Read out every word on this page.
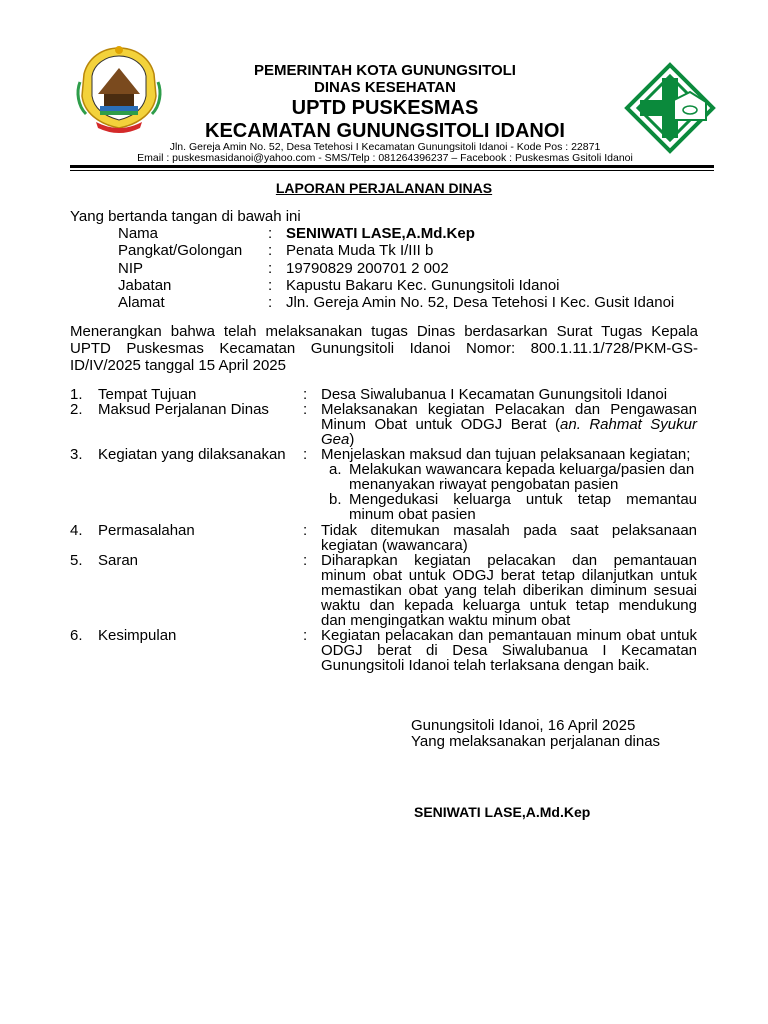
PEMERINTAH KOTA GUNUNGSITOLI
DINAS KESEHATAN
UPTD PUSKESMAS
KECAMATAN GUNUNGSITOLI IDANOI
Jln. Gereja Amin No. 52, Desa Tetehosi I Kecamatan Gunungsitoli Idanoi - Kode Pos : 22871
Email : puskesmasidanoi@yahoo.com - SMS/Telp : 081264396237 – Facebook : Puskesmas Gsitoli Idanoi
LAPORAN PERJALANAN DINAS
Yang bertanda tangan di bawah ini
Nama	: SENIWATI LASE,A.Md.Kep
Pangkat/Golongan : Penata Muda Tk I/III b
NIP	: 19790829 200701 2 002
Jabatan	: Kapustu Bakaru Kec. Gunungsitoli Idanoi
Alamat	: Jln. Gereja Amin No. 52, Desa Tetehosi I Kec. Gusit Idanoi
Menerangkan bahwa telah melaksanakan tugas Dinas berdasarkan Surat Tugas Kepala
UPTD Puskesmas Kecamatan Gunungsitoli Idanoi Nomor: 800.1.11.1/728/PKM-GS-
ID/IV/2025 tanggal 15 April 2025
1. Tempat Tujuan	: Desa Siwalubanua I Kecamatan Gunungsitoli Idanoi
2. Maksud Perjalanan Dinas : Melaksanakan kegiatan Pelacakan dan Pengawasan
Minum Obat untuk ODGJ Berat (an. Rahmat Syukur
Gea)
3. Kegiatan yang dilaksanakan : Menjelaskan maksud dan tujuan pelaksanaan kegiatan;
a. Melakukan wawancara kepada keluarga/pasien dan
menanyakan riwayat pengobatan pasien
b. Mengedukasi keluarga untuk tetap memantau
minum obat pasien
4. Permasalahan	: Tidak ditemukan masalah pada saat pelaksanaan
kegiatan (wawancara)
5. Saran	: Diharapkan kegiatan pelacakan dan pemantauan
minum obat untuk ODGJ berat tetap dilanjutkan untuk
memastikan obat yang telah diberikan diminum sesuai
waktu dan kepada keluarga untuk tetap mendukung
dan mengingatkan waktu minum obat
6. Kesimpulan	: Kegiatan pelacakan dan pemantauan minum obat untuk
ODGJ berat di Desa Siwalubanua I Kecamatan
Gunungsitoli Idanoi telah terlaksana dengan baik.
Gunungsitoli Idanoi, 16 April 2025
Yang melaksanakan perjalanan dinas
SENIWATI LASE,A.Md.Kep
